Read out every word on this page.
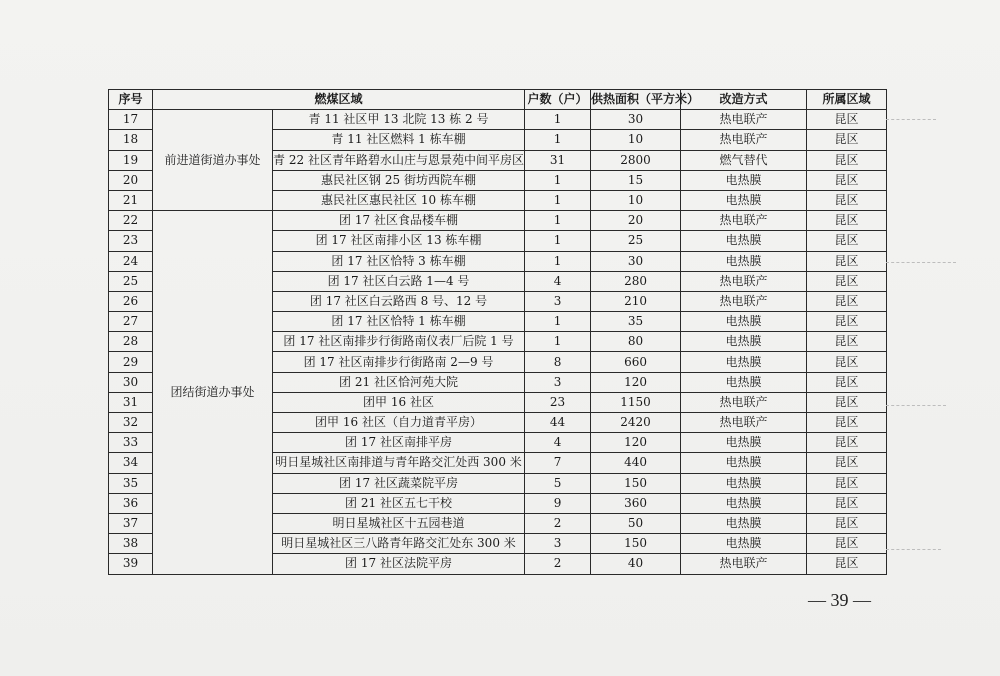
序号	燃煤区域		户数（户）	供热面积（平方米）	改造方式	所属区域
17	前进道街道办事处	青 11 社区甲 13 北院 13 栋 2 号	1	30	热电联产	昆区
18		青 11 社区燃料 1 栋车棚	1	10	热电联产	昆区
19		青 22 社区青年路碧水山庄与恩景苑中间平房区	31	2800	燃气替代	昆区
20		惠民社区钢 25 街坊西院车棚	1	15	电热膜	昆区
21		惠民社区惠民社区 10 栋车棚	1	10	电热膜	昆区
22	团结街道办事处	团 17 社区食品楼车棚	1	20	热电联产	昆区
23		团 17 社区南排小区 13 栋车棚	1	25	电热膜	昆区
24		团 17 社区恰特 3 栋车棚	1	30	电热膜	昆区
25		团 17 社区白云路 1—4 号	4	280	热电联产	昆区
26		团 17 社区白云路西 8 号、12 号	3	210	热电联产	昆区
27		团 17 社区恰特 1 栋车棚	1	35	电热膜	昆区
28		团 17 社区南排步行街路南仪表厂后院 1 号	1	80	电热膜	昆区
29		团 17 社区南排步行街路南 2—9 号	8	660	电热膜	昆区
30		团 21 社区恰河苑大院	3	120	电热膜	昆区
31		团甲 16 社区	23	1150	热电联产	昆区
32		团甲 16 社区（自力道青平房）	44	2420	热电联产	昆区
33		团 17 社区南排平房	4	120	电热膜	昆区
34		明日星城社区南排道与青年路交汇处西 300 米	7	440	电热膜	昆区
35		团 17 社区蔬菜院平房	5	150	电热膜	昆区
36		团 21 社区五七干校	9	360	电热膜	昆区
37		明日星城社区十五园巷道	2	50	电热膜	昆区
38		明日星城社区三八路青年路交汇处东 300 米	3	150	电热膜	昆区
39		团 17 社区法院平房	2	40	热电联产	昆区
— 39 —
